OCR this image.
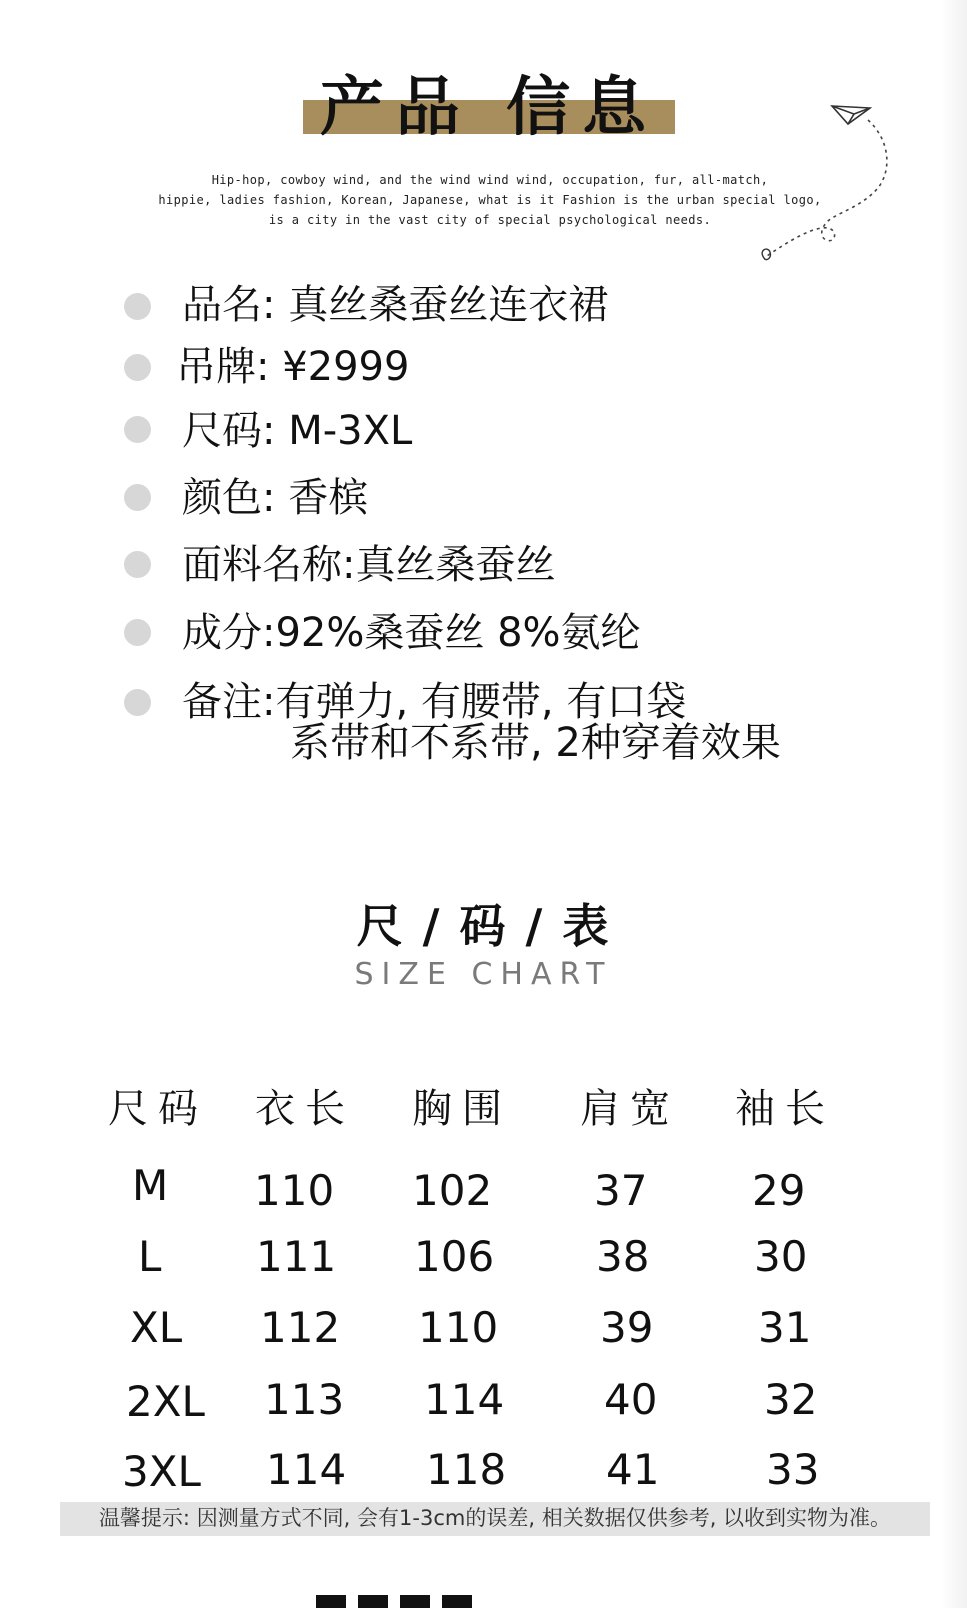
产品 信息
Hip-hop, cowboy wind, and the wind wind wind, occupation, fur, all-match,
hippie, ladies fashion, Korean, Japanese, what is it Fashion is the urban special logo,
is a city in the vast city of special psychological needs.
品名: 真丝桑蚕丝连衣裙
吊牌: ¥2999
尺码: M-3XL
颜色: 香槟
面料名称:真丝桑蚕丝
成分:92%桑蚕丝 8%氨纶
备注:有弹力, 有腰带, 有口袋
系带和不系带, 2种穿着效果
尺 / 码 / 表
SIZE CHART
尺码 衣长 胸围 肩宽 袖长
M 110 102 37 29
L 111 106 38 30
XL 112 110 39 31
2XL 113 114 40	32
3XL 114 118 41	33
温馨提示: 因测量方式不同, 会有1-3cm的误差, 相关数据仅供参考, 以收到实物为准。
